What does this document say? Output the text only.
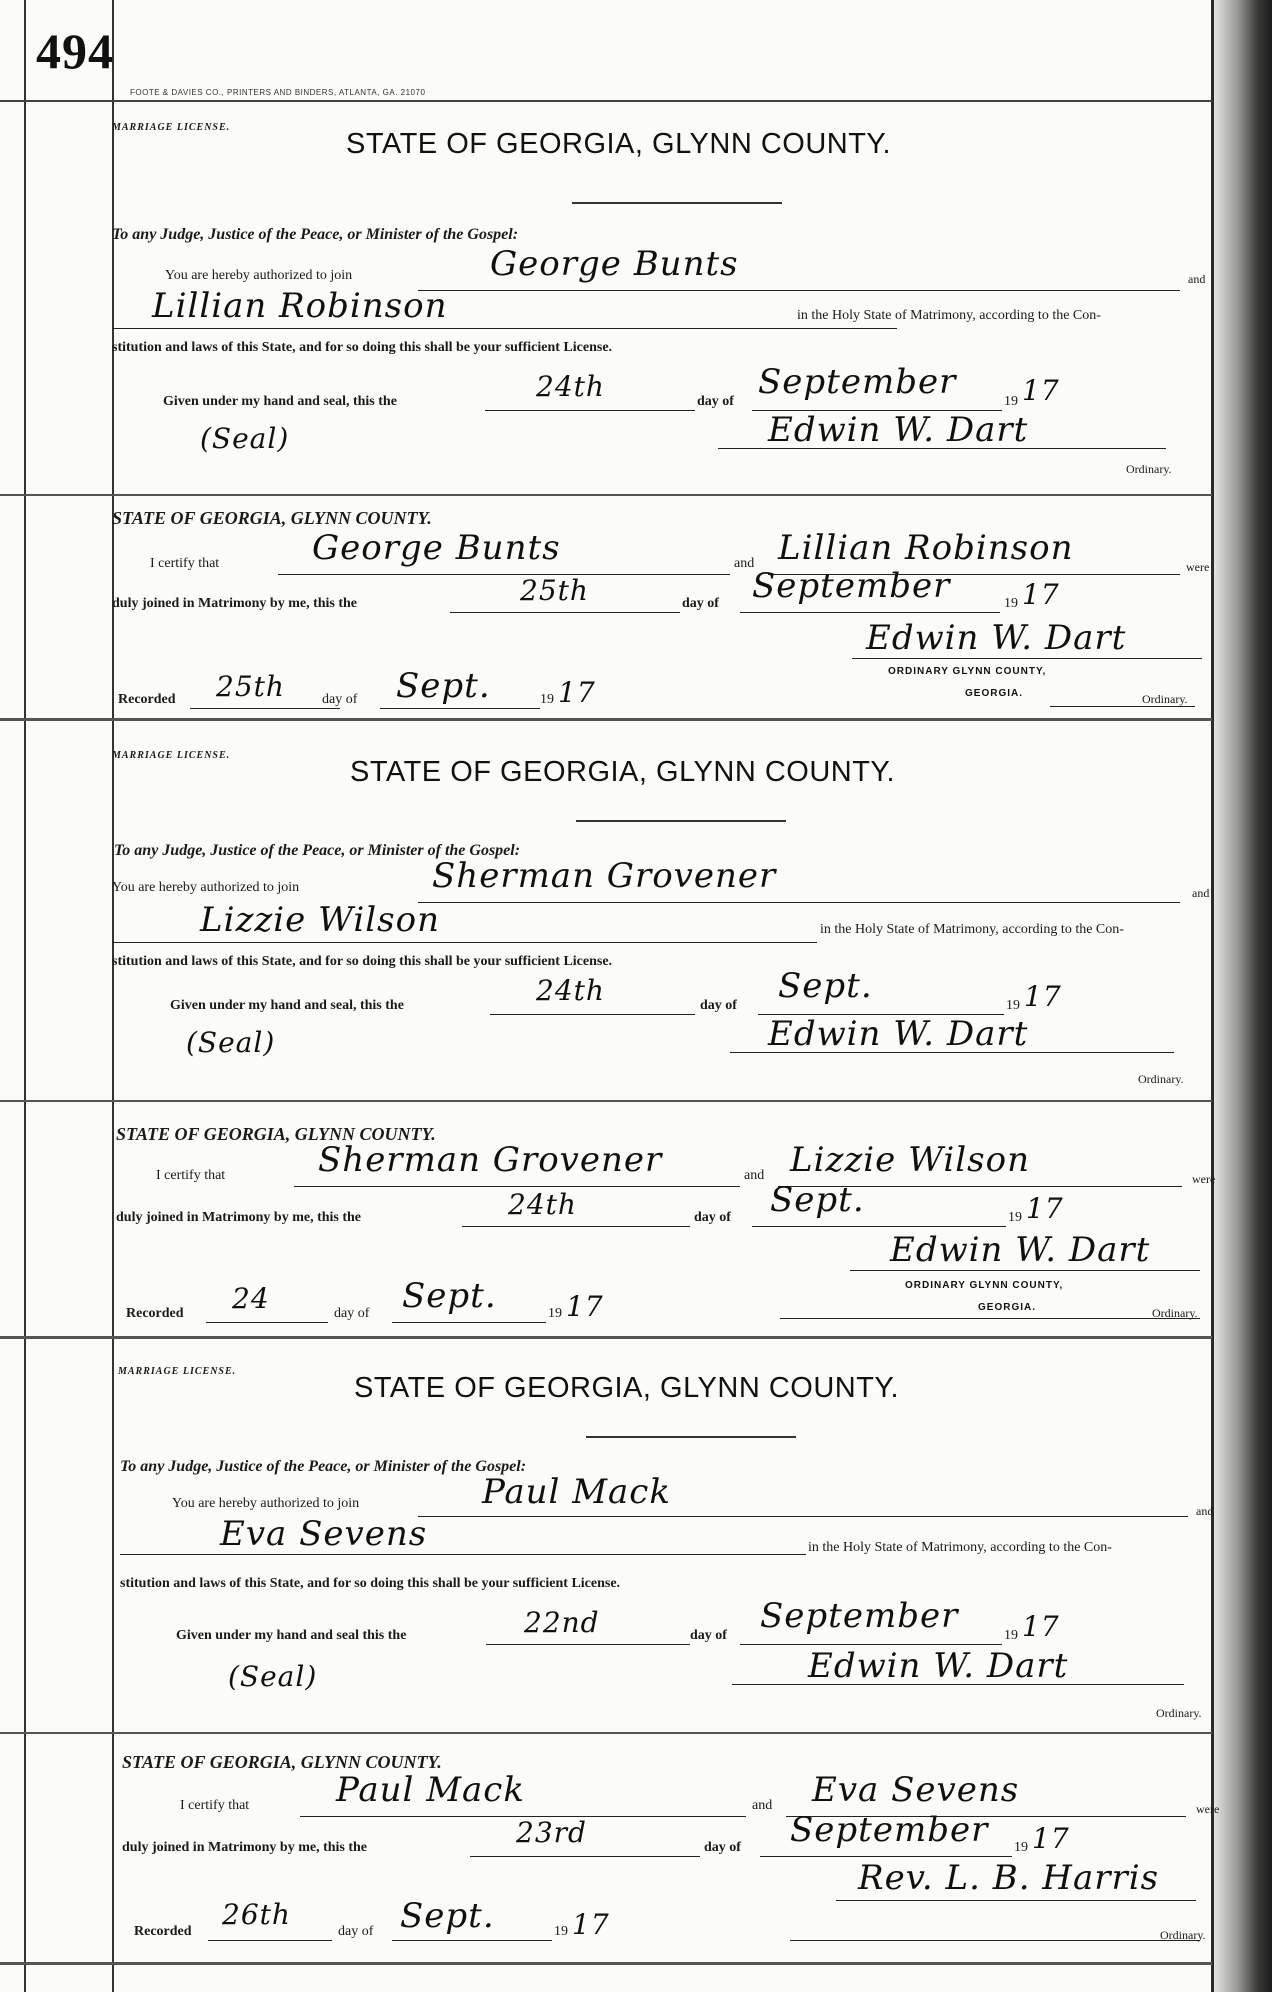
494
FOOTE & DAVIES CO., PRINTERS AND BINDERS, ATLANTA, GA. 21070
MARRIAGE LICENSE.
STATE OF GEORGIA, GLYNN COUNTY.
To any Judge, Justice of the Peace, or Minister of the Gospel:
You are hereby authorized to join	George Bunts	and
Lillian Robinson	in the Holy State of Matrimony, according to the Con-
stitution and laws of this State, and for so doing this shall be your sufficient License.
Given under my hand and seal, this the	24th	day of September	19 17
(Seal)	Edwin W. Dart
Ordinary.
STATE OF GEORGIA, GLYNN COUNTY.
I certify that	George Bunts	and Lillian Robinson	were
duly joined in Matrimony by me, this the	25th	day of September	19 17
Edwin W. Dart
ORDINARY GLYNN COUNTY,
GEORGIA.
Recorded 25th	day of Sept.	19 17	Ordinary.
MARRIAGE LICENSE.
STATE OF GEORGIA, GLYNN COUNTY.
To any Judge, Justice of the Peace, or Minister of the Gospel:
You are hereby authorized to join	Sherman Grovener	and
Lizzie Wilson	in the Holy State of Matrimony, according to the Con-
stitution and laws of this State, and for so doing this shall be your sufficient License.
Given under my hand and seal, this the	24th	day of Sept.	19 17
(Seal)	Edwin W. Dart
Ordinary.
STATE OF GEORGIA, GLYNN COUNTY.
I certify that	Sherman Grovener	and Lizzie Wilson	were
duly joined in Matrimony by me, this the	24th	day of Sept.	19 17
Edwin W. Dart
ORDINARY GLYNN COUNTY,
GEORGIA.
Recorded 24	day of Sept.	19 17	Ordinary.
MARRIAGE LICENSE.
STATE OF GEORGIA, GLYNN COUNTY.
To any Judge, Justice of the Peace, or Minister of the Gospel:
You are hereby authorized to join	Paul Mack	and
Eva Sevens	in the Holy State of Matrimony, according to the Con-
stitution and laws of this State, and for so doing this shall be your sufficient License.
Given under my hand and seal this the	22nd	day of September	19 17
(Seal)	Edwin W. Dart
Ordinary.
STATE OF GEORGIA, GLYNN COUNTY.
I certify that	Paul Mack	and Eva Sevens	were
duly joined in Matrimony by me, this the	23rd	day of September 19 17
Rev. L. B. Harris
Recorded
26th
day of Sept.	19 17	Ordinary.
